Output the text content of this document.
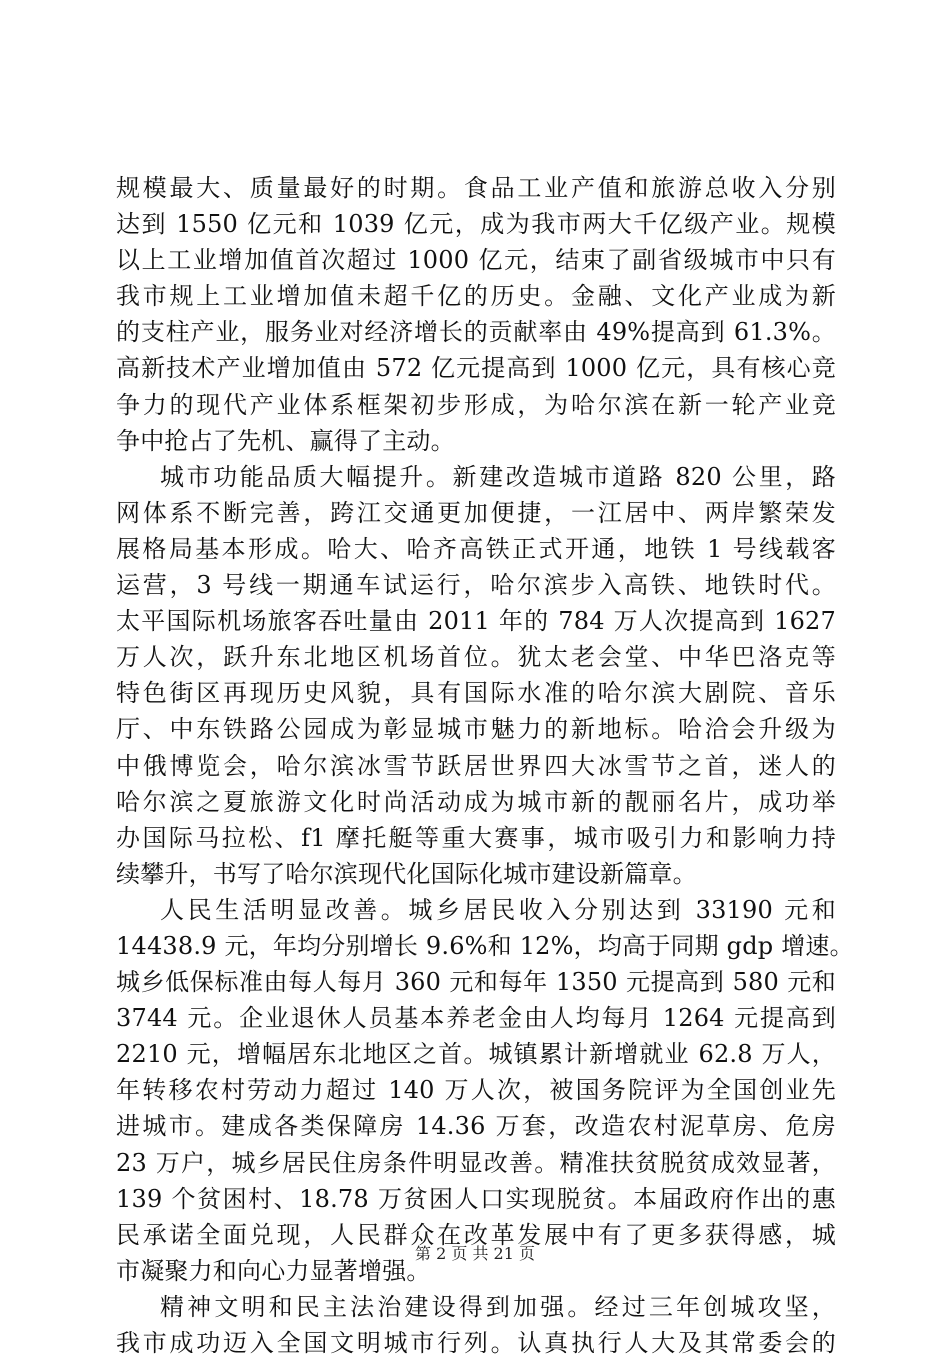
规模最大、质量最好的时期。食品工业产值和旅游总收入分别
达到 1550 亿元和 1039 亿元，成为我市两大千亿级产业。规模
以上工业增加值首次超过 1000 亿元，结束了副省级城市中只有
我市规上工业增加值未超千亿的历史。金融、文化产业成为新
的支柱产业，服务业对经济增长的贡献率由 49%提高到 61.3%。
高新技术产业增加值由 572 亿元提高到 1000 亿元，具有核心竞
争力的现代产业体系框架初步形成，为哈尔滨在新一轮产业竞
争中抢占了先机、赢得了主动。
城市功能品质大幅提升。新建改造城市道路 820 公里，路
网体系不断完善，跨江交通更加便捷，一江居中、两岸繁荣发
展格局基本形成。哈大、哈齐高铁正式开通，地铁 1 号线载客
运营，3 号线一期通车试运行，哈尔滨步入高铁、地铁时代。
太平国际机场旅客吞吐量由 2011 年的 784 万人次提高到 1627
万人次，跃升东北地区机场首位。犹太老会堂、中华巴洛克等
特色街区再现历史风貌，具有国际水准的哈尔滨大剧院、音乐
厅、中东铁路公园成为彰显城市魅力的新地标。哈洽会升级为
中俄博览会，哈尔滨冰雪节跃居世界四大冰雪节之首，迷人的
哈尔滨之夏旅游文化时尚活动成为城市新的靓丽名片，成功举
办国际马拉松、f1 摩托艇等重大赛事，城市吸引力和影响力持
续攀升，书写了哈尔滨现代化国际化城市建设新篇章。
人民生活明显改善。城乡居民收入分别达到 33190 元和
14438.9 元，年均分别增长 9.6%和 12%，均高于同期 gdp 增速。
城乡低保标准由每人每月 360 元和每年 1350 元提高到 580 元和
3744 元。企业退休人员基本养老金由人均每月 1264 元提高到
2210 元，增幅居东北地区之首。城镇累计新增就业 62.8 万人，
年转移农村劳动力超过 140 万人次，被国务院评为全国创业先
进城市。建成各类保障房 14.36 万套，改造农村泥草房、危房
23 万户，城乡居民住房条件明显改善。精准扶贫脱贫成效显著，
139 个贫困村、18.78 万贫困人口实现脱贫。本届政府作出的惠
民承诺全面兑现，人民群众在改革发展中有了更多获得感，城
市凝聚力和向心力显著增强。
精神文明和民主法治建设得到加强。经过三年创城攻坚，
我市成功迈入全国文明城市行列。认真执行人大及其常委会的
第 2 页 共 21 页
